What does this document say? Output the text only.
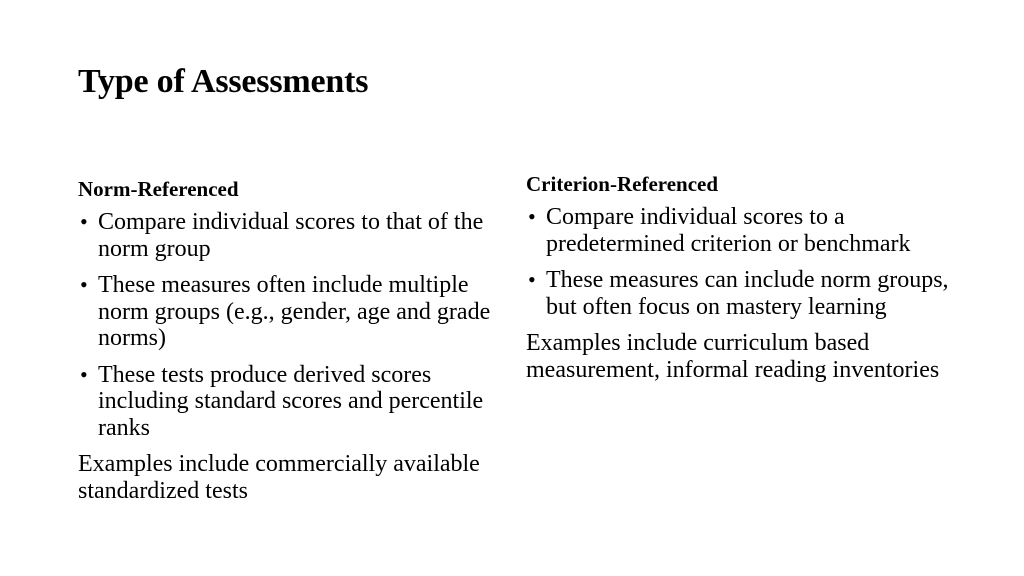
Type of Assessments
Norm-Referenced
• Compare individual scores to that of the norm group
• These measures often include multiple norm groups (e.g., gender, age and grade norms)
• These tests produce derived scores including standard scores and percentile ranks

Examples include commercially available standardized tests

Criterion-Referenced
• Compare individual scores to a predetermined criterion or benchmark
• These measures can include norm groups, but often focus on mastery learning

Examples include curriculum based measurement, informal reading inventories
